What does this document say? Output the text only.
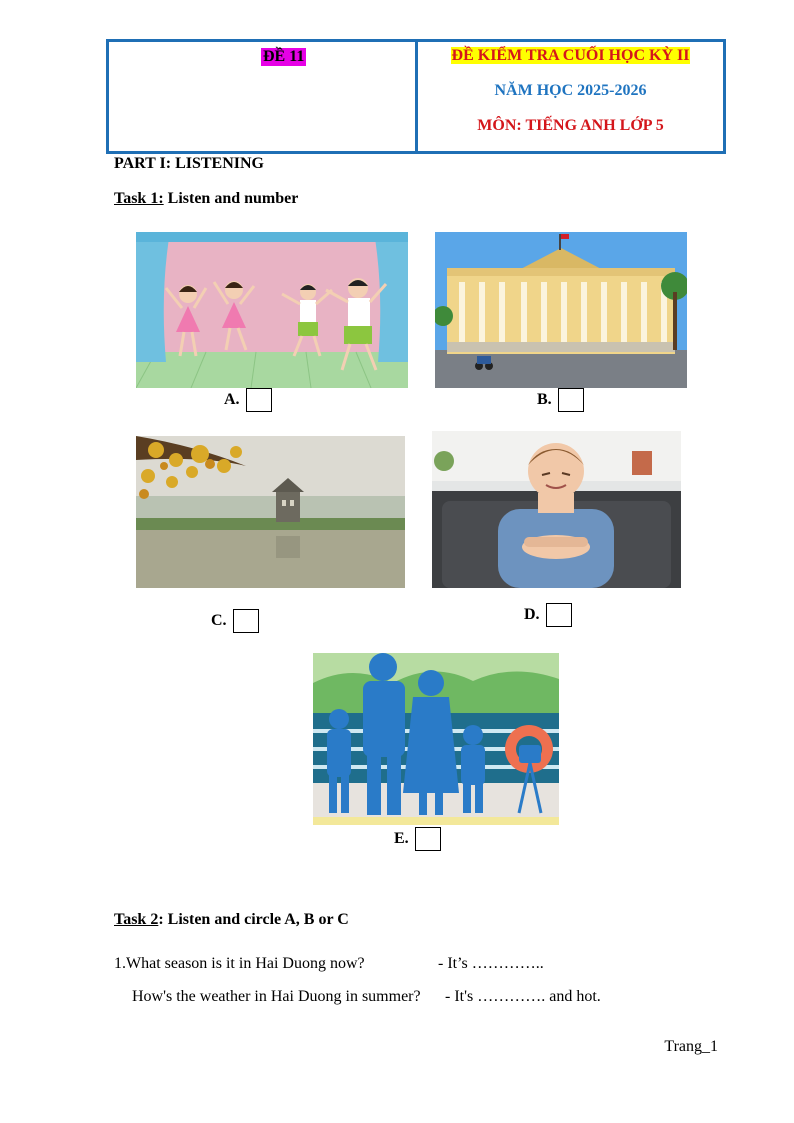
ĐỀ 11	ĐỀ KIỂM TRA CUỐI HỌC KỲ II
NĂM HỌC 2025-2026
MÔN: TIẾNG ANH LỚP 5
PART I: LISTENING
Task 1: Listen and number
A.	B.
C.	D.
E.
Task 2: Listen and circle A, B or C
1.What season is it in Hai Duong now?	- It’s …………..
How's the weather in Hai Duong in summer? - It's …………. and hot.
Trang_1
